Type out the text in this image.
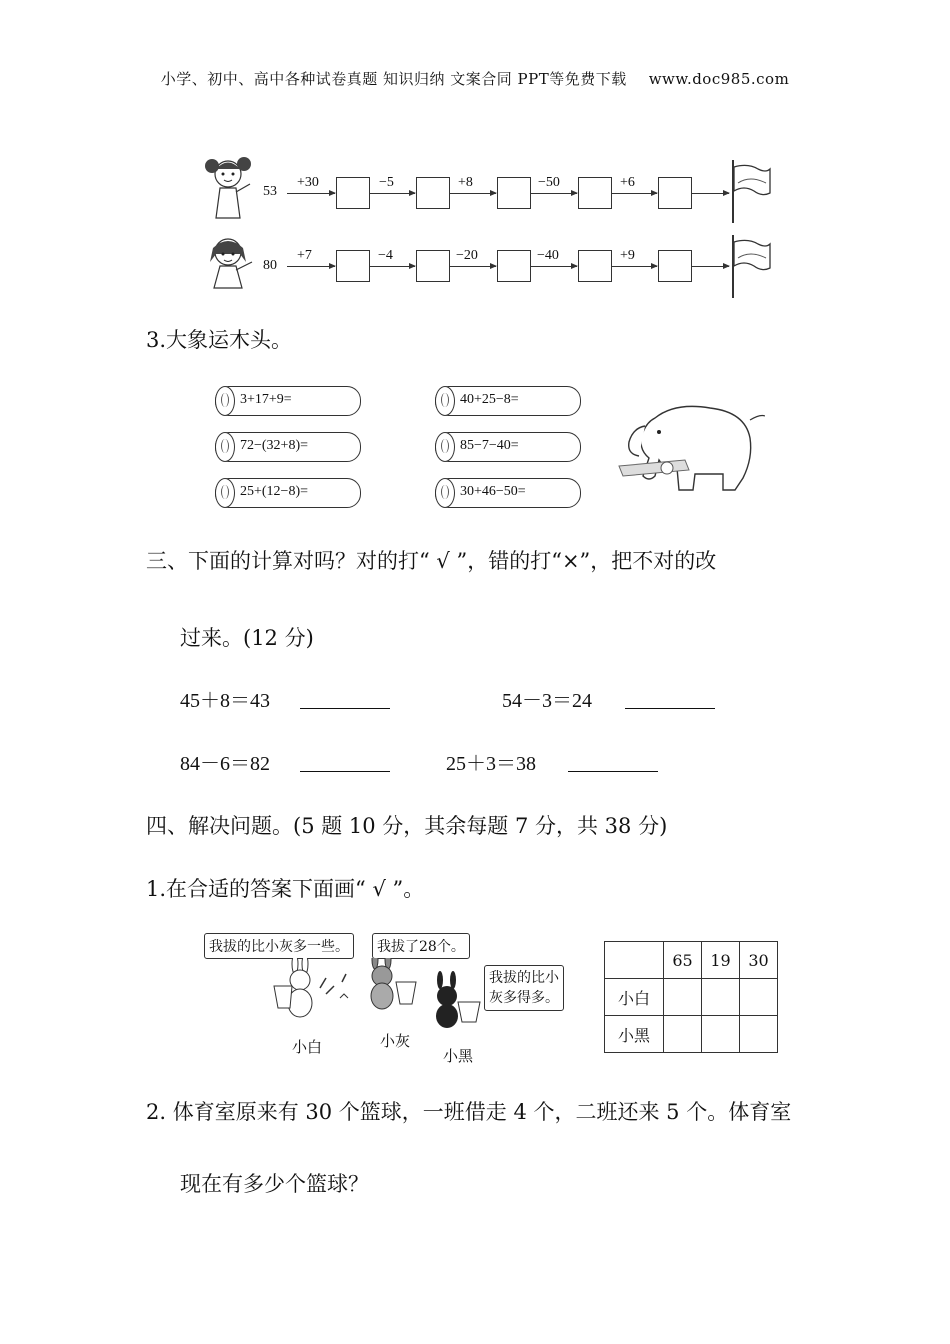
小学、初中、高中各种试卷真题 知识归纳 文案合同 PPT等免费下载 www.doc985.com
53
+30	−5	+8	−50	+6
80
+7	−4	−20	−40	+9
3.大象运木头。
3+17+9=
72−(32+8)=
25+(12−8)=
40+25−8=
85−7−40=
30+46−50=
三、下面的计算对吗？对的打“ √ ”，错的打“×”，把不对的改
过来。(12 分)
45＋8＝43	54－3＝24
84－6＝82	25＋3＝38
四、解决问题。(5 题 10 分，其余每题 7 分，共 38 分)
1.在合适的答案下面画“ √ ”。
我拔的比小灰多一些。	我拔了28个。
我拔的比小
灰多得多。
小白	小灰
小黑
	65	19	30
小白			
小黑			
2. 体育室原来有 30 个篮球，一班借走 4 个，二班还来 5 个。体育室
现在有多少个篮球？
